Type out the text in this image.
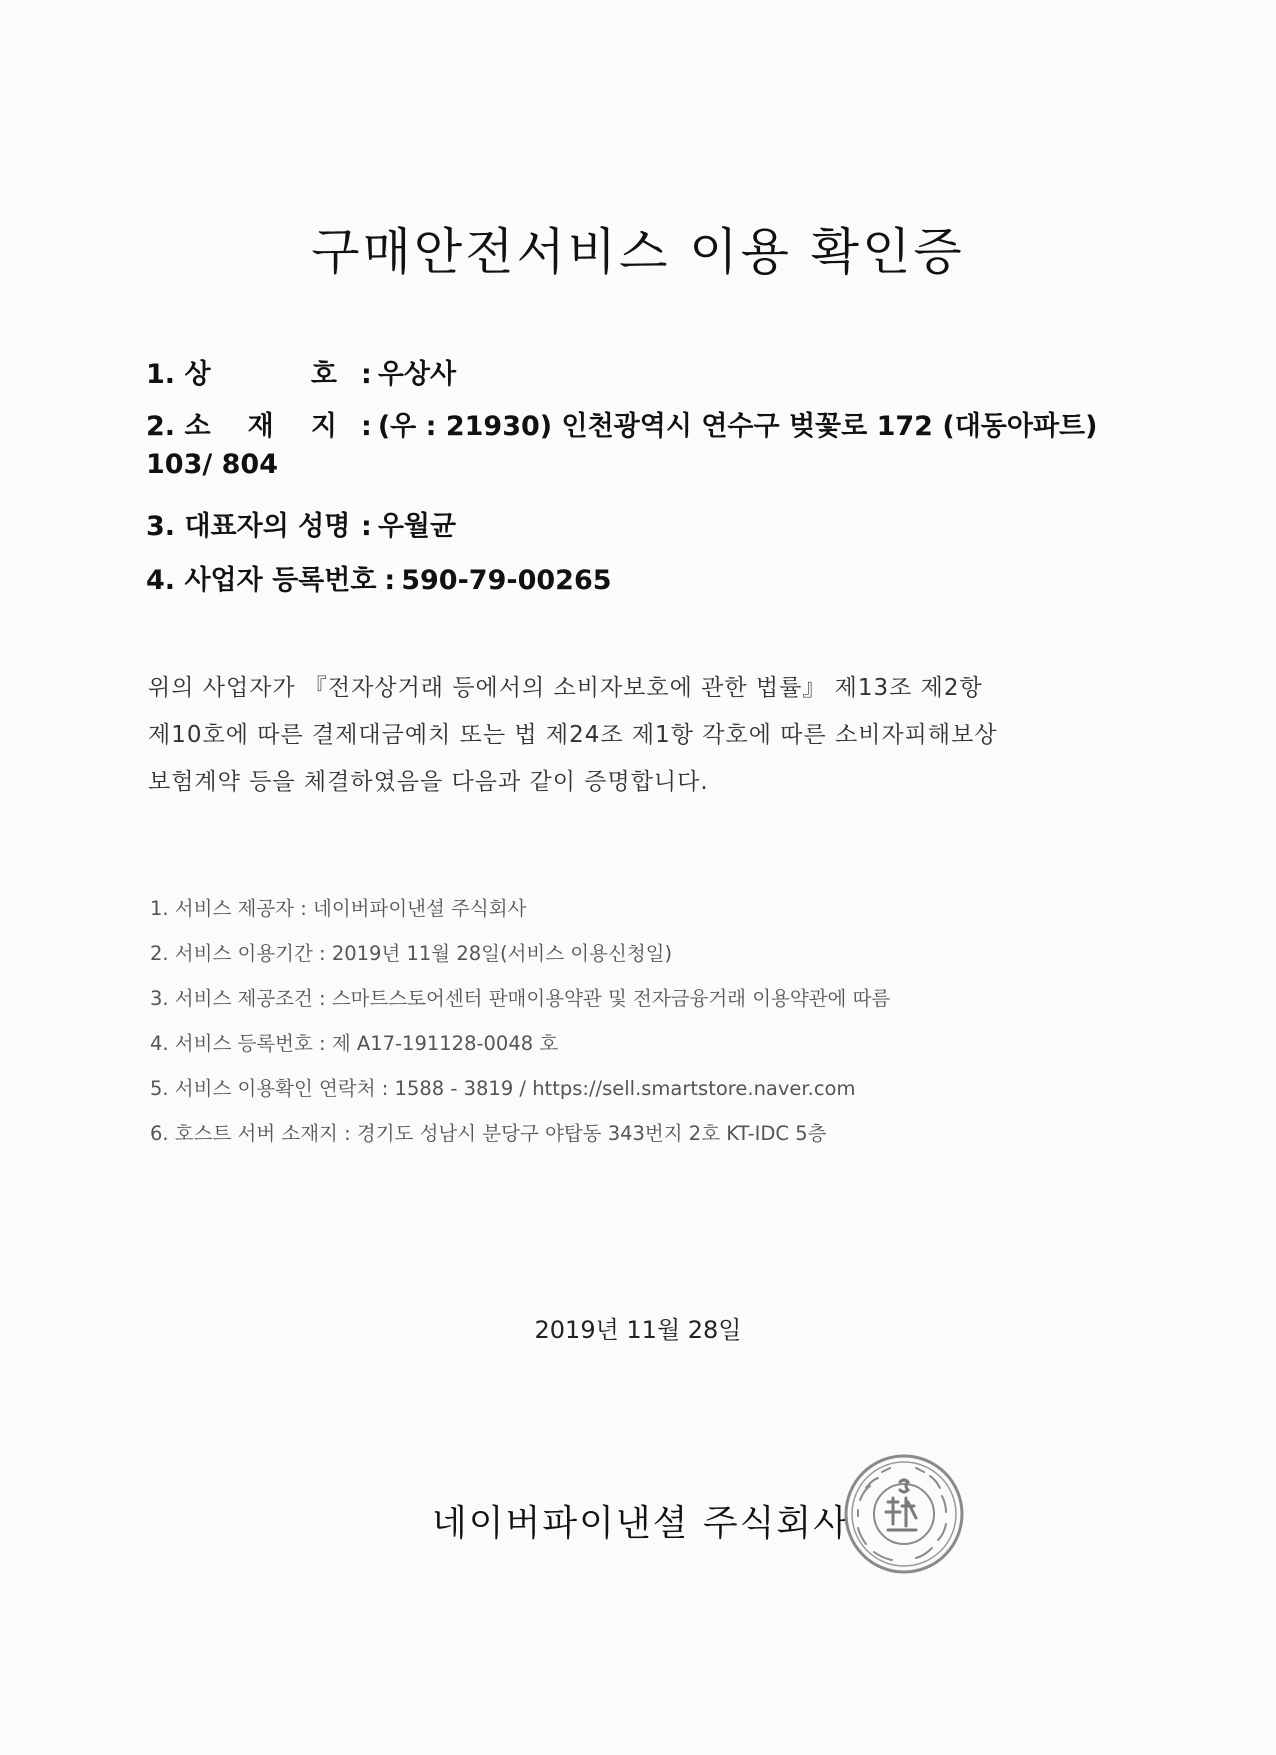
구매안전서비스 이용 확인증
1. 상	호 : 우상사
2. 소 재 지 : (우 : 21930) 인천광역시 연수구 벚꽃로 172 (대동아파트)
103/ 804
3. 대표자의 성명 : 우월균
4. 사업자 등록번호 : 590-79-00265
위의 사업자가 『전자상거래 등에서의 소비자보호에 관한 법률』 제13조 제2항
제10호에 따른 결제대금예치 또는 법 제24조 제1항 각호에 따른 소비자피해보상
보험계약 등을 체결하였음을 다음과 같이 증명합니다.
1. 서비스 제공자 : 네이버파이낸셜 주식회사
2. 서비스 이용기간 : 2019년 11월 28일(서비스 이용신청일)
3. 서비스 제공조건 : 스마트스토어센터 판매이용약관 및 전자금융거래 이용약관에 따름
4. 서비스 등록번호 : 제 A17-191128-0048 호
5. 서비스 이용확인 연락처 : 1588 - 3819 / https://sell.smartstore.naver.com
6. 호스트 서버 소재지 : 경기도 성남시 분당구 야탑동 343번지 2호 KT-IDC 5층
2019년 11월 28일
네이버파이낸셜 주식회사
